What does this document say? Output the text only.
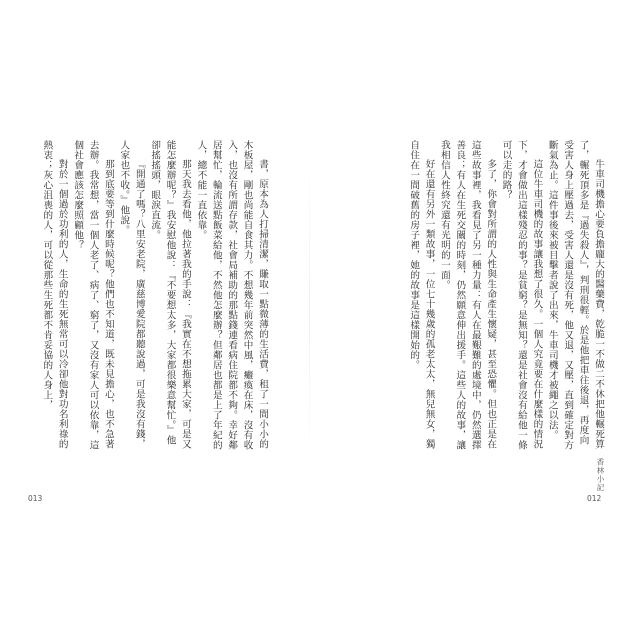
書，原本為人打掃清潔，賺取一點微薄的生活費，租了一間小小的木板屋，剛也尚能自食其力。不想幾年前突然中風，癱瘓在床，沒有收入，也沒有所謂存款，社會局補助的那點錢連看病住院都不夠。幸好鄰居幫忙，輪流送點飯菜給他，不然他怎麼辦？但鄰居也都是上了年紀的人，總不能一直依靠。

那天我去看他，他拉著我的手說：『我實在不想拖累大家，可是又能怎麼辦呢？』我安慰他說：『不要想太多，大家都很樂意幫忙。』他卻搖搖頭，眼淚直流。

『開通了嗎？八里安老院，廣慈博愛院都聽說過，可是我沒有錢，人家也不收。』他說。

那到底要等到什麼時候呢？他們也不知道，既未見擔心，也不急著去辦。我常想，當一個人老了、病了、窮了，又沒有家人可以依靠，這個社會應該怎麼照顧他？

對於一個過於功利的人，生命的生死無常可以冷卻他對功名利祿的熱衷；灰心沮喪的人，可以從那些生死都不肯妥協的人身上，	牛車司機擔心要負擔龐大的醫藥費，乾脆一不做二不休把他輾死算了，輾死頂多是『過失殺人』，判刑很輕。於是他把車往後退，再度向受害人身上壓過去，受害人還是沒有死，他又退，又壓，直到確定對方斷氣為止。這件事後來被目擊者說了出來，牛車司機才被繩之以法。

這位牛車司機的故事讓我想了很久。一個人究竟要在什麼樣的情況下，才會做出這樣殘忍的事？是貧窮？是無知？還是社會沒有給他一條可以走的路？

多了，你會對所謂的人性與生命產生懷疑，甚至恐懼。但也正是在這些故事裡，我看見了另一種力量：有人在最艱難的處境中，仍然選擇善良；有人在生死交關的時刻，仍然願意伸出援手。這些人的故事，讓我相信人性終究還有光明的一面。

好在還有另外一類故事，一位七十幾歲的孤老太太，無兒無女，獨自住在一間破舊的房子裡，她的故事是這樣開始的。

013	012
香林小記
